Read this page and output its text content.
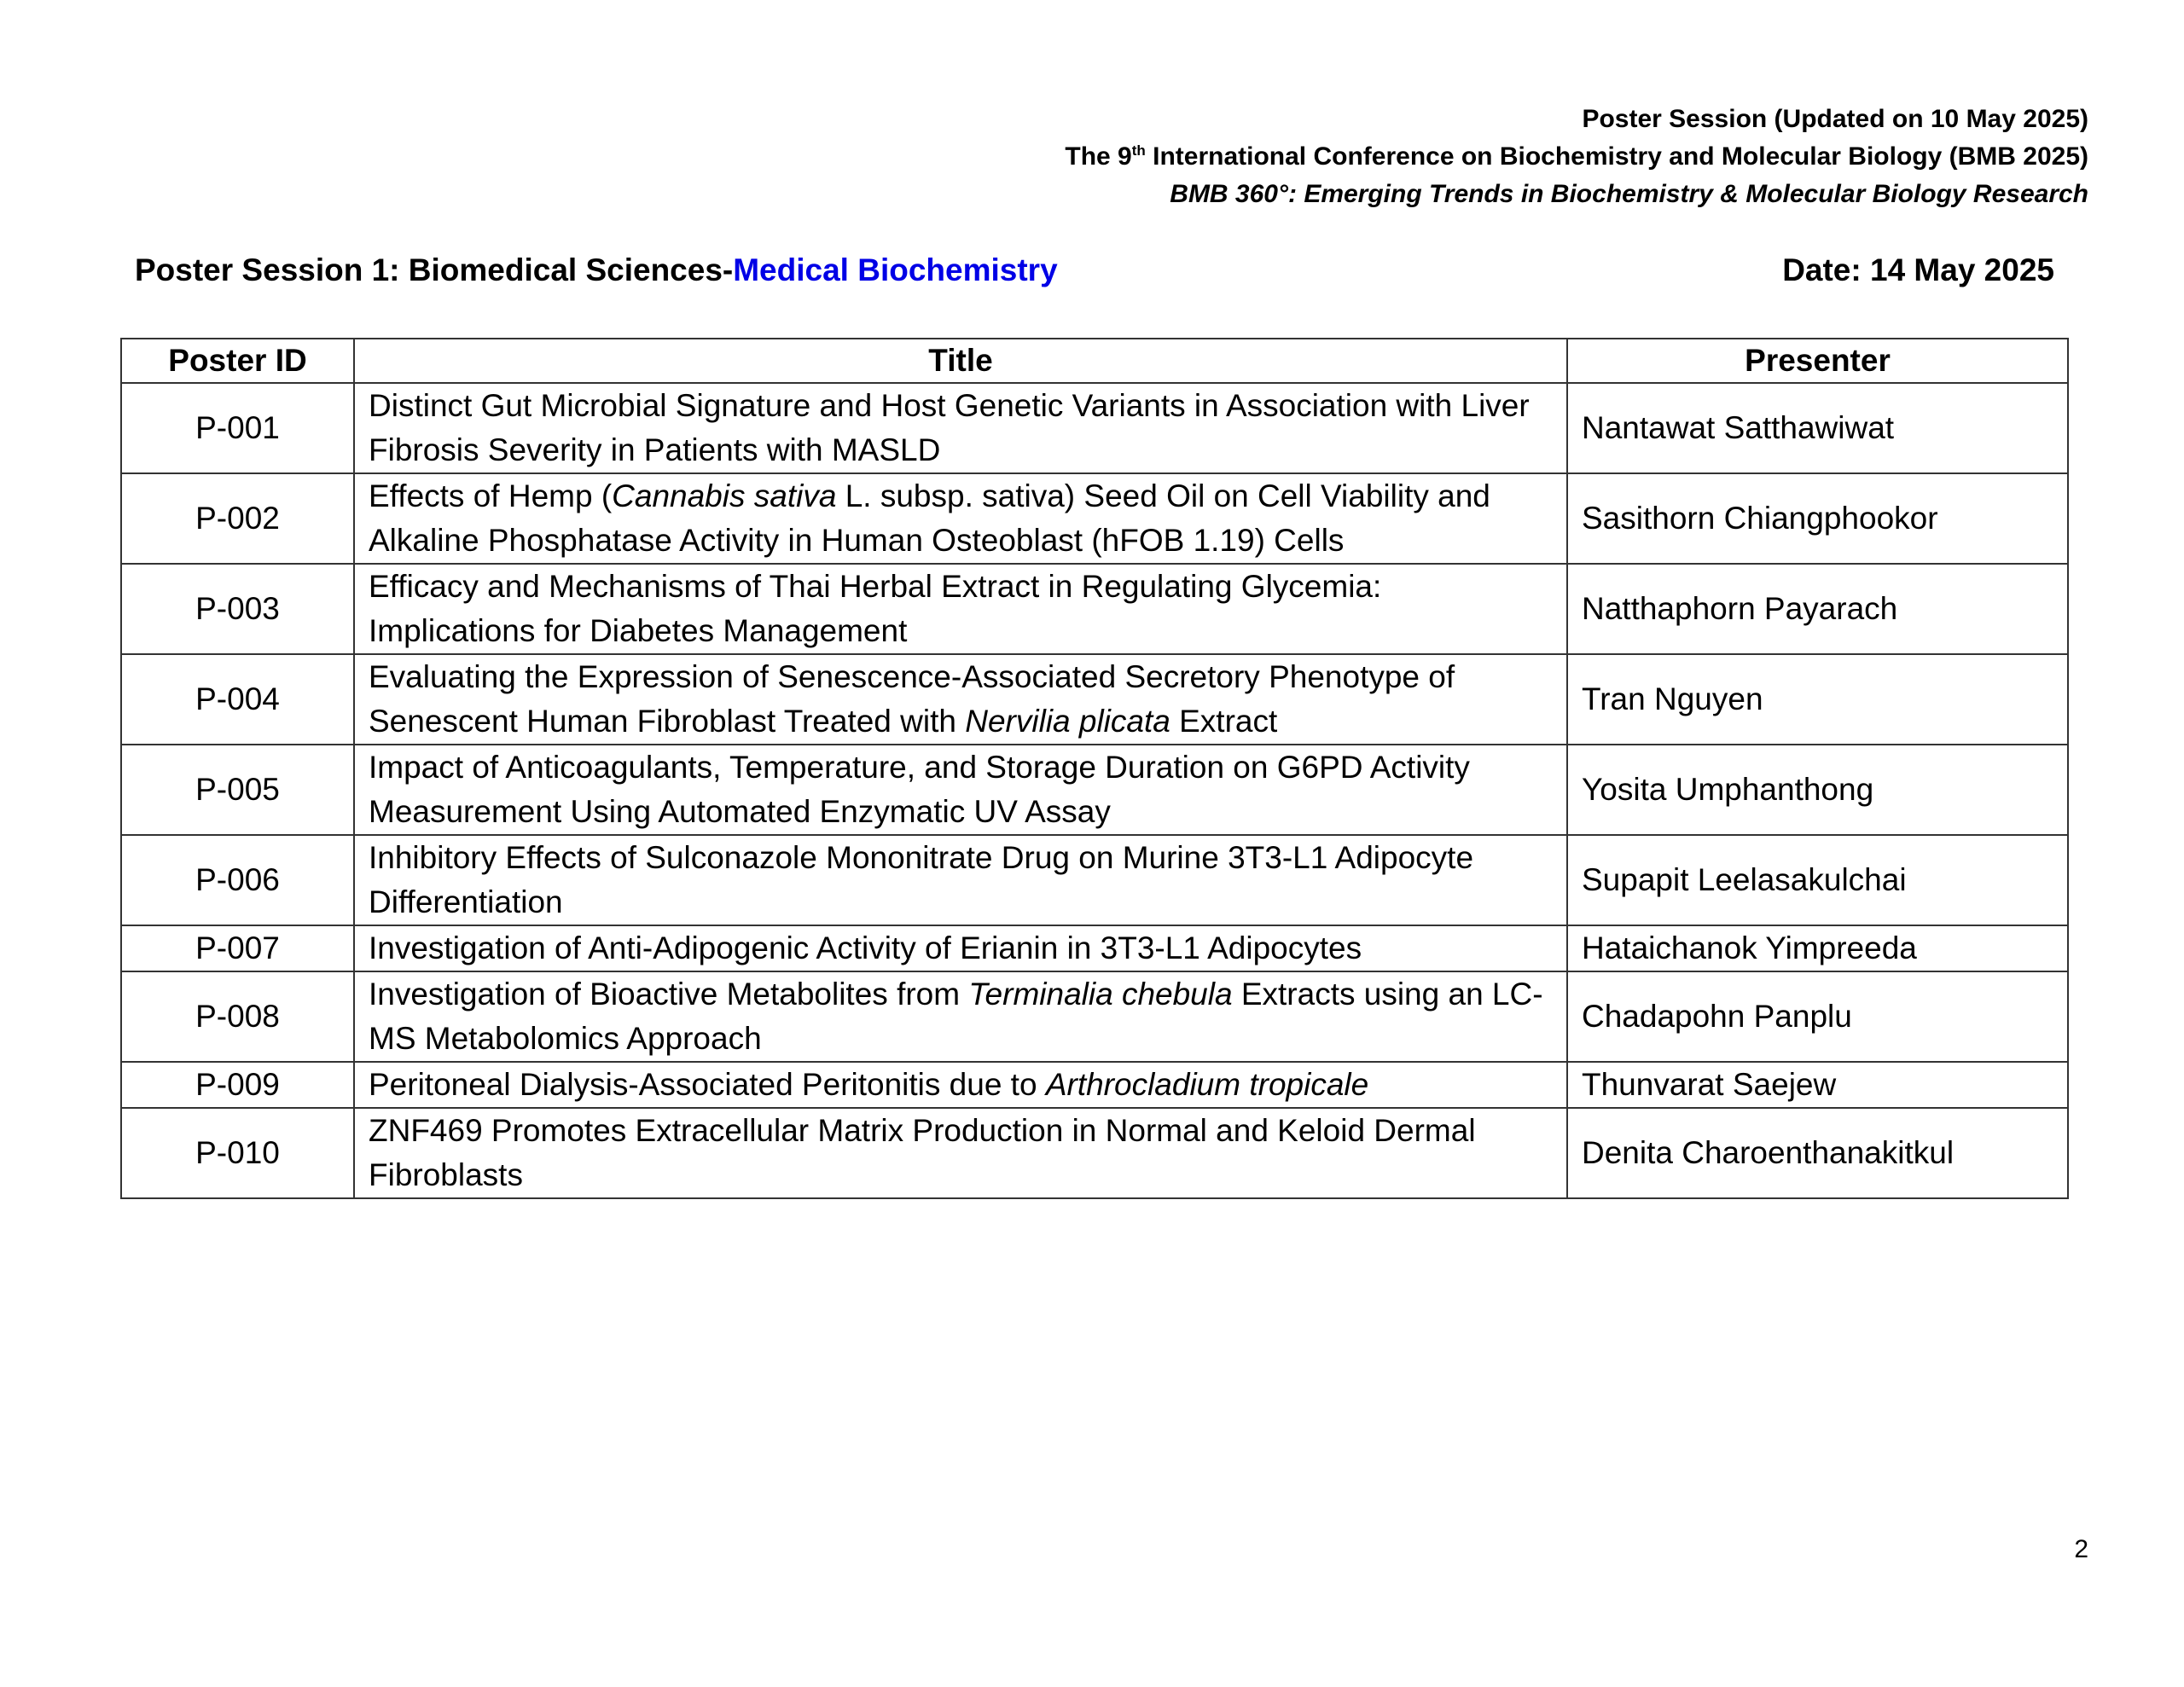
Poster Session (Updated on 10 May 2025)
The 9th International Conference on Biochemistry and Molecular Biology (BMB 2025)
BMB 360°: Emerging Trends in Biochemistry & Molecular Biology Research
Poster Session 1: Biomedical Sciences-Medical Biochemistry	Date: 14 May 2025
Poster ID	Title	Presenter
P-001	Distinct Gut Microbial Signature and Host Genetic Variants in Association with Liver Fibrosis Severity in Patients with MASLD	Nantawat Satthawiwat
P-002	Effects of Hemp (Cannabis sativa L. subsp. sativa) Seed Oil on Cell Viability and Alkaline Phosphatase Activity in Human Osteoblast (hFOB 1.19) Cells	Sasithorn Chiangphookor
P-003	Efficacy and Mechanisms of Thai Herbal Extract in Regulating Glycemia: Implications for Diabetes Management	Natthaphorn Payarach
P-004	Evaluating the Expression of Senescence-Associated Secretory Phenotype of Senescent Human Fibroblast Treated with Nervilia plicata Extract	Tran Nguyen
P-005	Impact of Anticoagulants, Temperature, and Storage Duration on G6PD Activity Measurement Using Automated Enzymatic UV Assay	Yosita Umphanthong
P-006	Inhibitory Effects of Sulconazole Mononitrate Drug on Murine 3T3-L1 Adipocyte Differentiation	Supapit Leelasakulchai
P-007	Investigation of Anti-Adipogenic Activity of Erianin in 3T3-L1 Adipocytes	Hataichanok Yimpreeda
P-008	Investigation of Bioactive Metabolites from Terminalia chebula Extracts using an LC-MS Metabolomics Approach	Chadapohn Panplu
P-009	Peritoneal Dialysis-Associated Peritonitis due to Arthrocladium tropicale	Thunvarat Saejew
P-010	ZNF469 Promotes Extracellular Matrix Production in Normal and Keloid Dermal Fibroblasts	Denita Charoenthanakitkul
2
